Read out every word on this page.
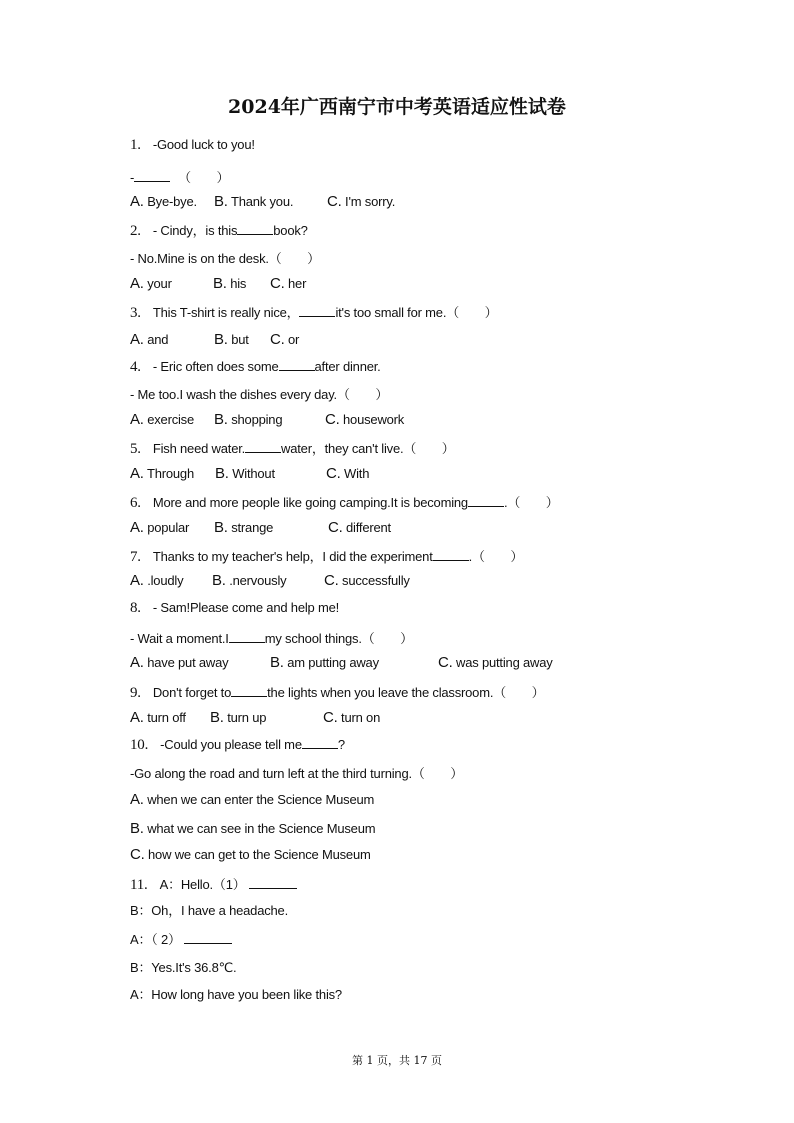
2024年广西南宁市中考英语适应性试卷
1. -Good luck to you!
-	（　　）
A. Bye-bye. B. Thank you. C. I'm sorry.
2. - Cindy，is this	book?
- No.Mine is on the desk.（　　）
A. your	B. his C. her
3. This T-shirt is really nice，	it's too small for me.（　　）
A. and	B. but C. or
4. - Eric often does some	after dinner.
- Me too.I wash the dishes every day.（　　）
A. exercise B. shopping	C. housework
5. Fish need water.	water，they can't live.（　　）
A. Through B. Without	C. With
6. More and more people like going camping.It is becoming	.（　　）
A. popular B. strange	C. different
7. Thanks to my teacher's help，I did the experiment	.（　　）
A. .loudly B. .nervously	C. successfully
8. - Sam!Please come and help me!
- Wait a moment.I	my school things.（　　）
A. have put away	B. am putting away	C. was putting away
9. Don't forget to	the lights when you leave the classroom.（　　）
A. turn off B. turn up	C. turn on
10. -Could you please tell me	?
-Go along the road and turn left at the third turning.（　　）
A. when we can enter the Science Museum
B. what we can see in the Science Museum
C. how we can get to the Science Museum
11. A：Hello.（1）
B：Oh，I have a headache.
A：（ 2）
B：Yes.It's 36.8℃.
A：How long have you been like this?
第 1 页，共 17 页
